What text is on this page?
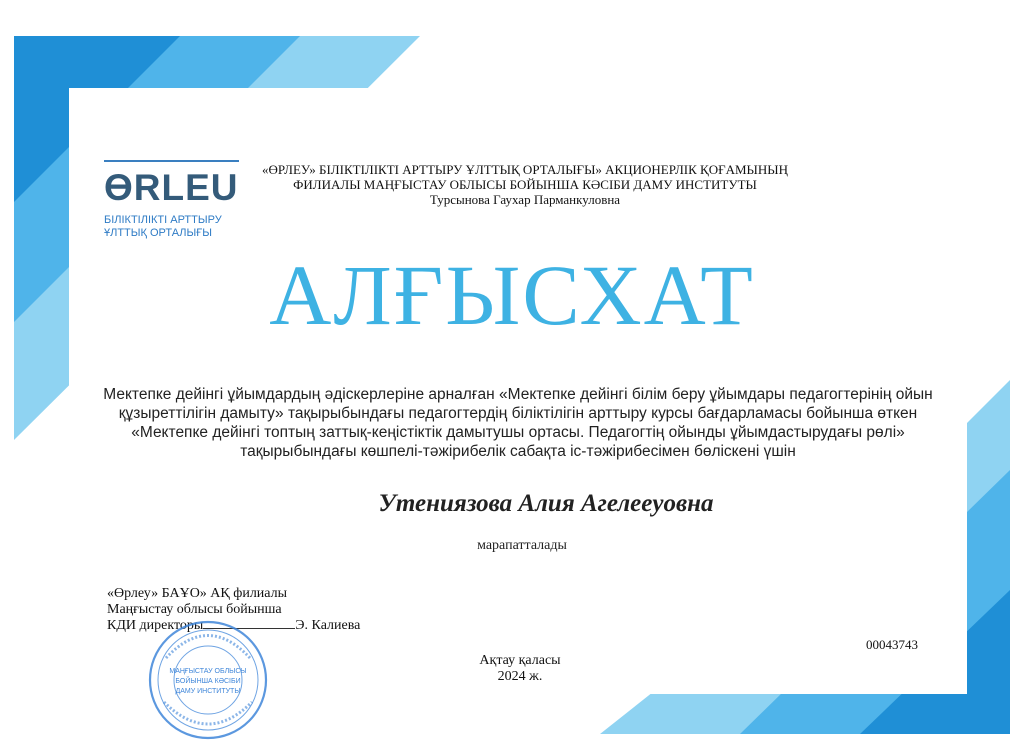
ӨRLEU
БІЛІКТІЛІКТІ АРТТЫРУ
ҰЛТТЫҚ ОРТАЛЫҒЫ
«ӨРЛЕУ» БІЛІКТІЛІКТІ АРТТЫРУ ҰЛТТЫҚ ОРТАЛЫҒЫ» АКЦИОНЕРЛІК ҚОҒАМЫНЫҢ
ФИЛИАЛЫ МАҢҒЫСТАУ ОБЛЫСЫ БОЙЫНША КӘСІБИ ДАМУ ИНСТИТУТЫ
Турсынова Гаухар Парманкуловна
АЛҒЫСХАТ
Мектепке дейінгі ұйымдардың әдіскерлеріне арналған «Мектепке дейінгі білім беру ұйымдары педагогтерінің ойын
құзыреттілігін дамыту» тақырыбындағы педагогтердің біліктілігін арттыру курсы бағдарламасы бойынша өткен
«Мектепке дейінгі топтың заттық-кеңістіктік дамытушы ортасы. Педагогтің ойынды ұйымдастырудағы рөлі»
тақырыбындағы көшпелі-тәжірибелік сабақта іс-тәжірибесімен бөлiскенi үшiн
Утениязова Алия Агелееуовна
марапатталады
«Өрлеу» БАҰО» АҚ филиалы
Маңғыстау облысы бойынша
КДИ директоры	Э. Калиева
МАҢҒЫСТАУ ОБЛЫСЫ
БОЙЫНША КӘСІБИ
ДАМУ ИНСТИТУТЫ
00043743
Ақтау қаласы
2024 ж.
